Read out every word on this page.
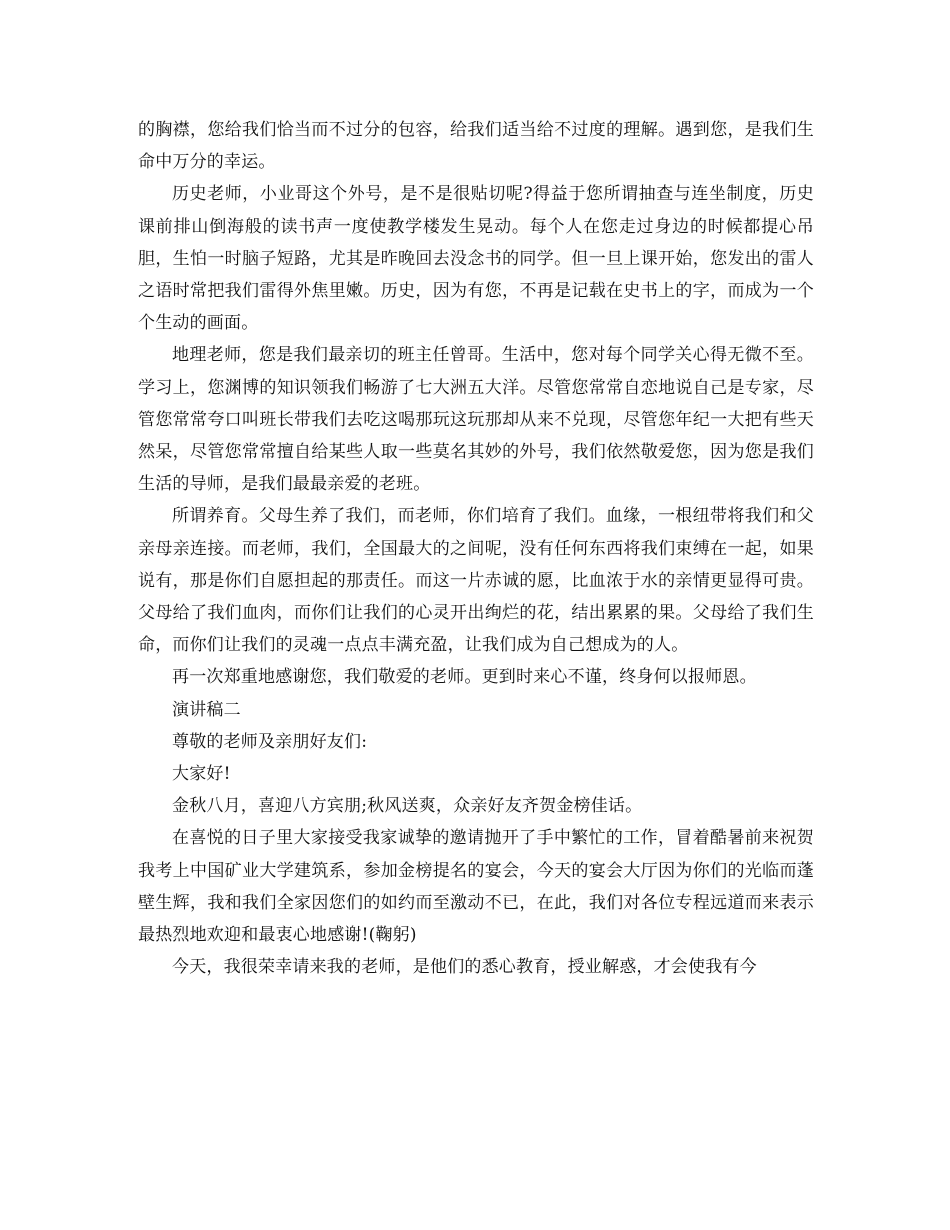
的胸襟，您给我们恰当而不过分的包容，给我们适当给不过度的理解。遇到您，是我们生命中万分的幸运。

历史老师，小业哥这个外号，是不是很贴切呢?得益于您所谓抽查与连坐制度，历史课前排山倒海般的读书声一度使教学楼发生晃动。每个人在您走过身边的时候都提心吊胆，生怕一时脑子短路，尤其是昨晚回去没念书的同学。但一旦上课开始，您发出的雷人之语时常把我们雷得外焦里嫩。历史，因为有您，不再是记载在史书上的字，而成为一个个生动的画面。

地理老师，您是我们最亲切的班主任曾哥。生活中，您对每个同学关心得无微不至。学习上，您渊博的知识领我们畅游了七大洲五大洋。尽管您常常自恋地说自己是专家，尽管您常常夸口叫班长带我们去吃这喝那玩这玩那却从来不兑现，尽管您年纪一大把有些天然呆，尽管您常常擅自给某些人取一些莫名其妙的外号，我们依然敬爱您，因为您是我们生活的导师，是我们最最亲爱的老班。

所谓养育。父母生养了我们，而老师，你们培育了我们。血缘，一根纽带将我们和父亲母亲连接。而老师，我们，全国最大的之间呢，没有任何东西将我们束缚在一起，如果说有，那是你们自愿担起的那责任。而这一片赤诚的愿，比血浓于水的亲情更显得可贵。父母给了我们血肉，而你们让我们的心灵开出绚烂的花，结出累累的果。父母给了我们生命，而你们让我们的灵魂一点点丰满充盈，让我们成为自己想成为的人。

再一次郑重地感谢您，我们敬爱的老师。更到时来心不谨，终身何以报师恩。

演讲稿二

尊敬的老师及亲朋好友们:

大家好!

金秋八月，喜迎八方宾朋;秋风送爽，众亲好友齐贺金榜佳话。

在喜悦的日子里大家接受我家诚挚的邀请抛开了手中繁忙的工作，冒着酷暑前来祝贺我考上中国矿业大学建筑系，参加金榜提名的宴会，今天的宴会大厅因为你们的光临而蓬壁生辉，我和我们全家因您们的如约而至激动不已，在此，我们对各位专程远道而来表示最热烈地欢迎和最衷心地感谢!(鞠躬)

今天，我很荣幸请来我的老师，是他们的悉心教育，授业解惑，才会使我有今
